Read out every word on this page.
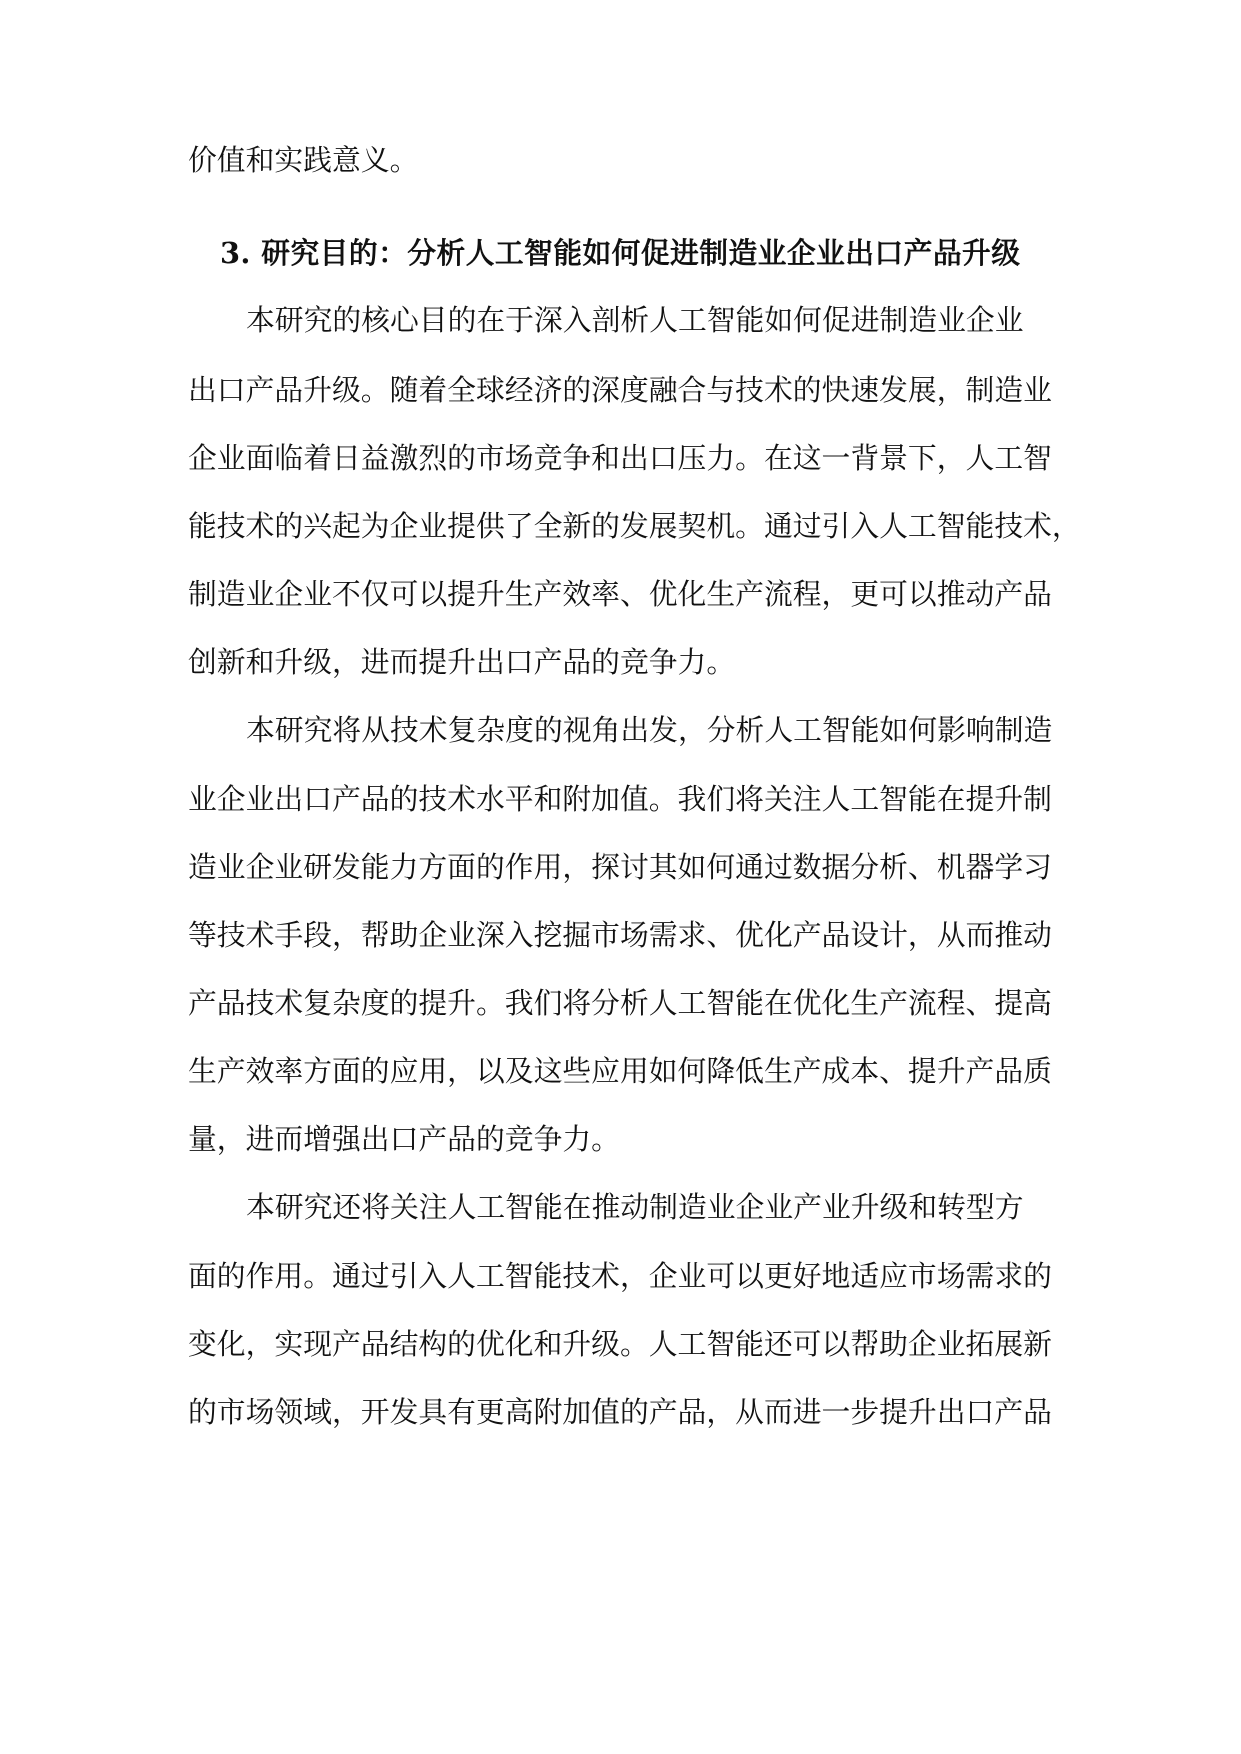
价值和实践意义。
3. 研究目的：分析人工智能如何促进制造业企业出口产品升级
本研究的核心目的在于深入剖析人工智能如何促进制造业企业
出口产品升级。随着全球经济的深度融合与技术的快速发展，制造业
企业面临着日益激烈的市场竞争和出口压力。在这一背景下，人工智
能技术的兴起为企业提供了全新的发展契机。通过引入人工智能技术，
制造业企业不仅可以提升生产效率、优化生产流程，更可以推动产品
创新和升级，进而提升出口产品的竞争力。
本研究将从技术复杂度的视角出发，分析人工智能如何影响制造
业企业出口产品的技术水平和附加值。我们将关注人工智能在提升制
造业企业研发能力方面的作用，探讨其如何通过数据分析、机器学习
等技术手段，帮助企业深入挖掘市场需求、优化产品设计，从而推动
产品技术复杂度的提升。我们将分析人工智能在优化生产流程、提高
生产效率方面的应用，以及这些应用如何降低生产成本、提升产品质
量，进而增强出口产品的竞争力。
本研究还将关注人工智能在推动制造业企业产业升级和转型方
面的作用。通过引入人工智能技术，企业可以更好地适应市场需求的
变化，实现产品结构的优化和升级。人工智能还可以帮助企业拓展新
的市场领域，开发具有更高附加值的产品，从而进一步提升出口产品
